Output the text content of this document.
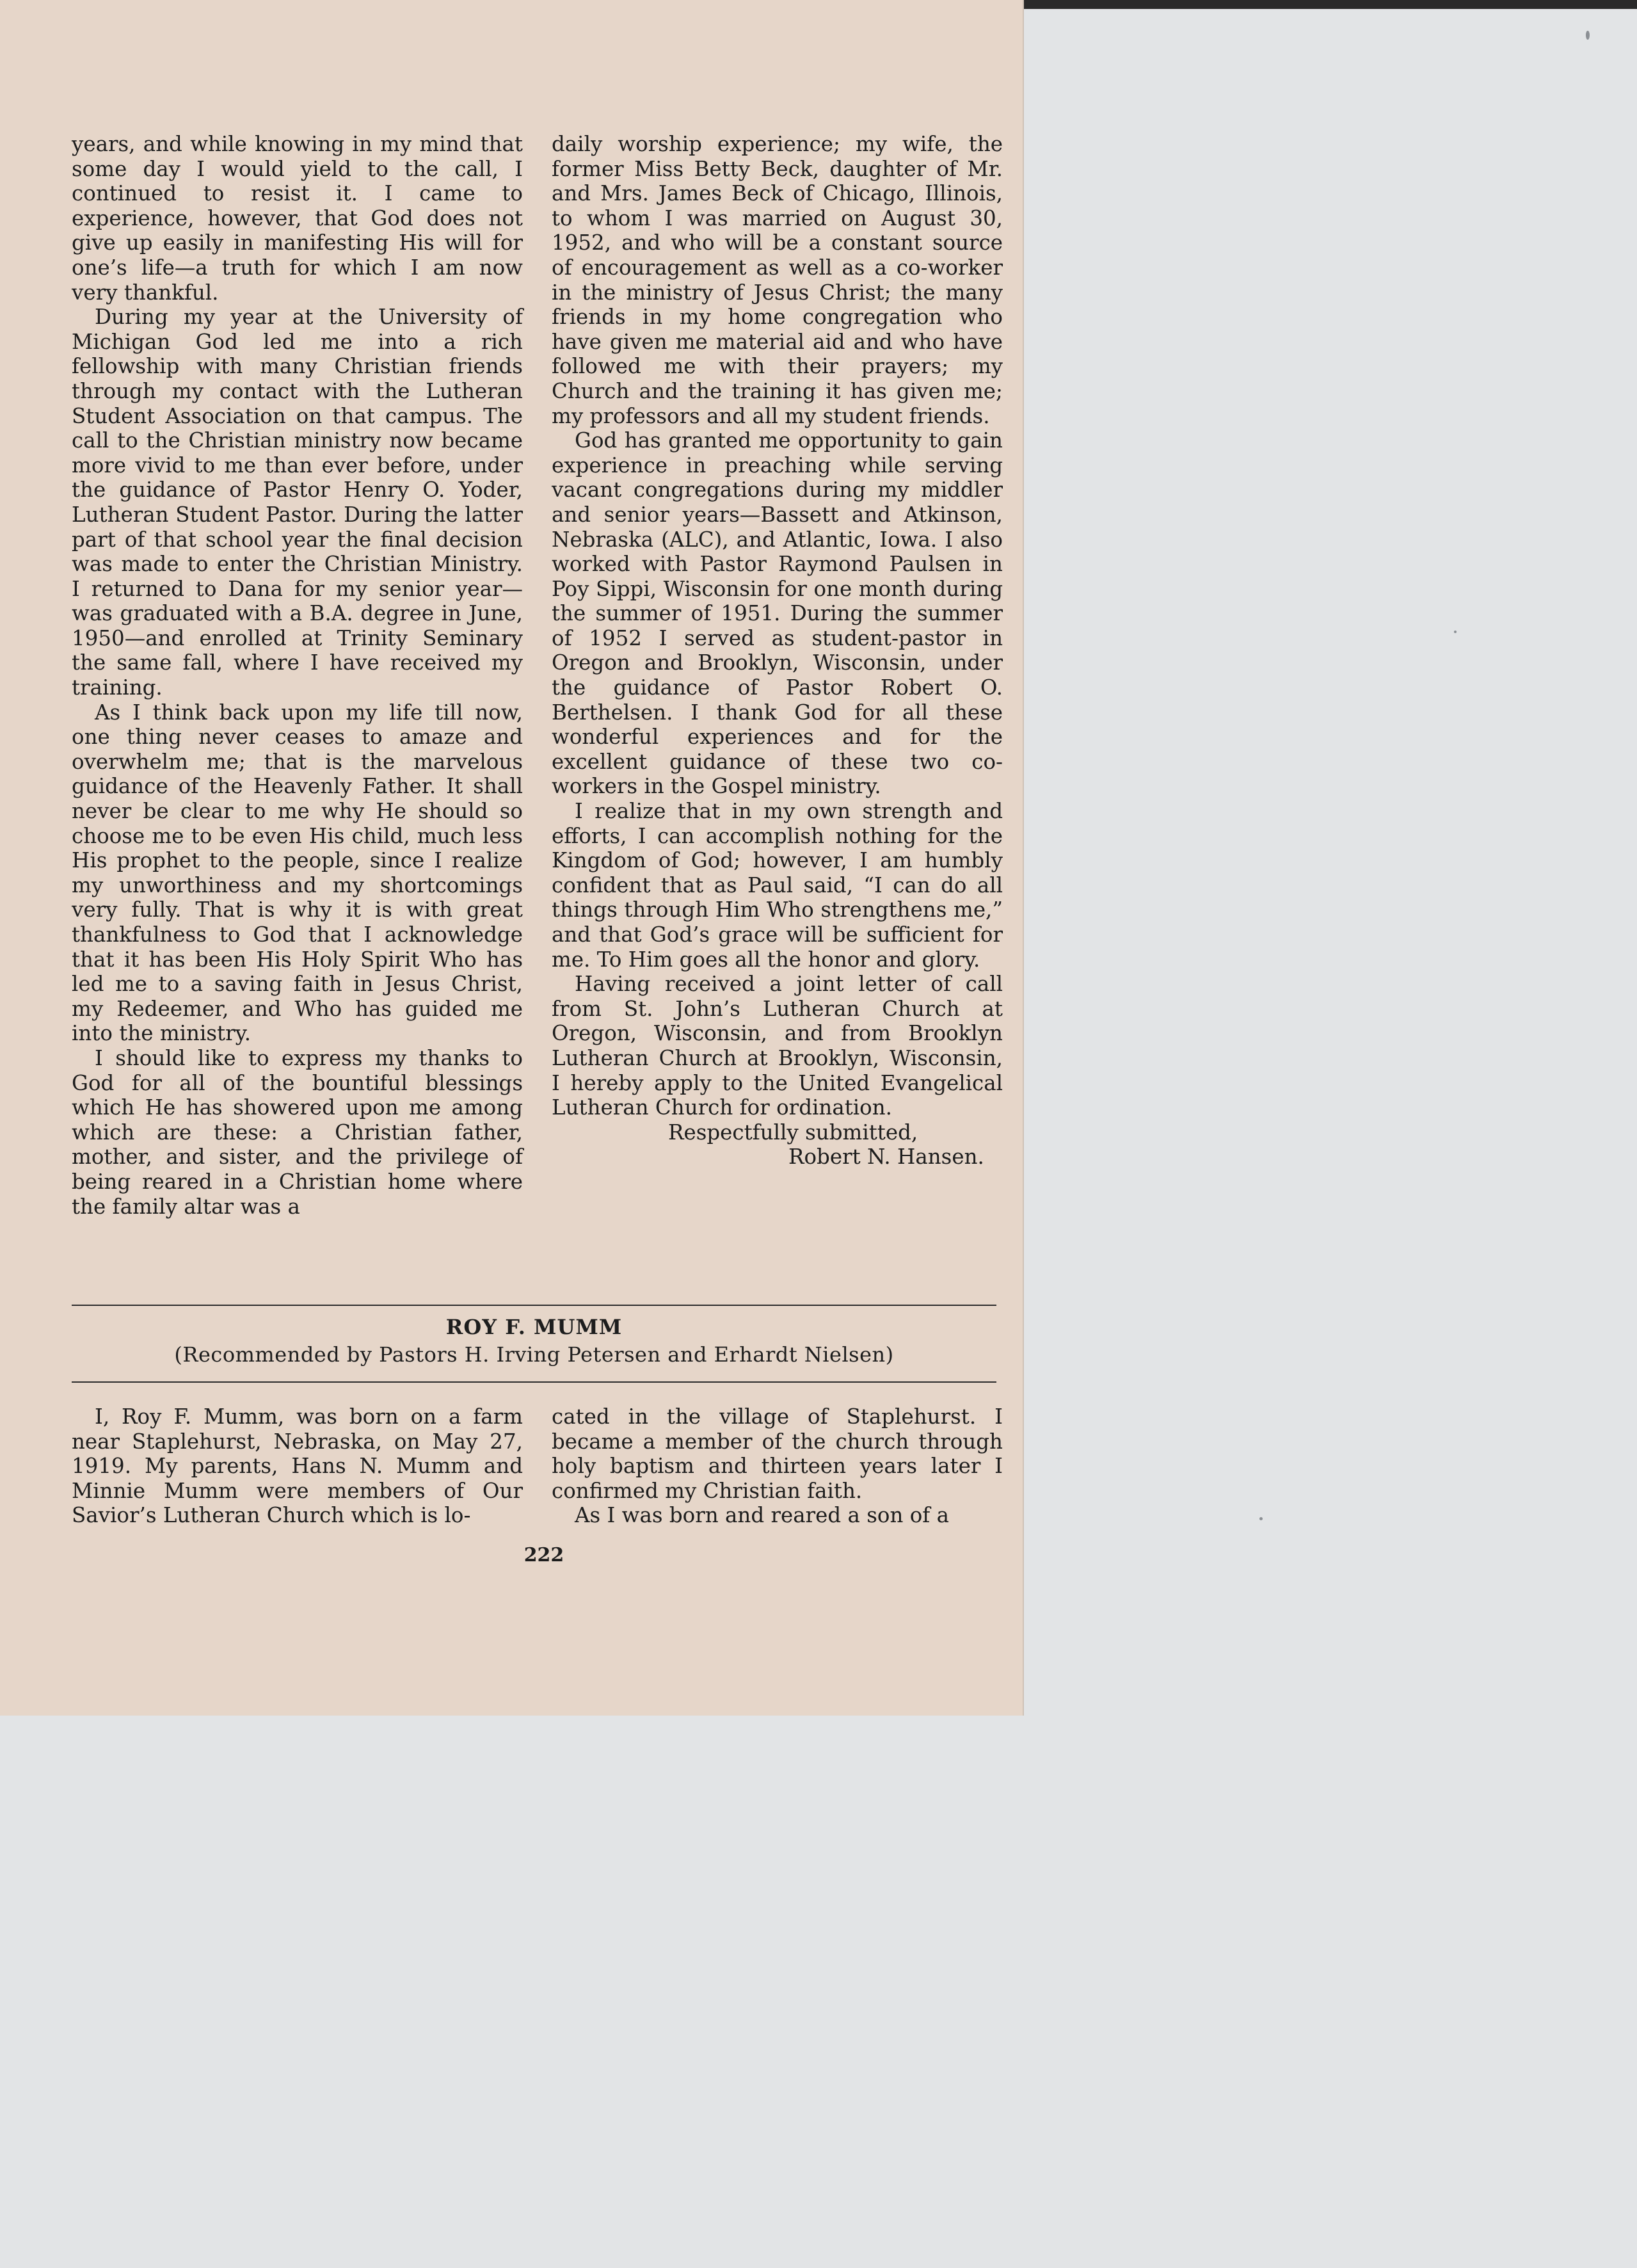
years, and while knowing in my mind that some day I would yield to the call, I continued to resist it. I came to experience, however, that God does not give up easily in manifesting His will for one’s life—a truth for which I am now very thankful.

During my year at the University of Michigan God led me into a rich fellowship with many Christian friends through my contact with the Lutheran Student Association on that campus. The call to the Christian ministry now became more vivid to me than ever before, under the guidance of Pastor Henry O. Yoder, Lutheran Student Pastor. During the latter part of that school year the final decision was made to enter the Christian Ministry. I returned to Dana for my senior year—was graduated with a B.A. degree in June, 1950—and enrolled at Trinity Seminary the same fall, where I have received my training.

As I think back upon my life till now, one thing never ceases to amaze and overwhelm me; that is the marvelous guidance of the Heavenly Father. It shall never be clear to me why He should so choose me to be even His child, much less His prophet to the people, since I realize my unworthiness and my shortcomings very fully. That is why it is with great thankfulness to God that I acknowledge that it has been His Holy Spirit Who has led me to a saving faith in Jesus Christ, my Redeemer, and Who has guided me into the ministry.

I should like to express my thanks to God for all of the bountiful blessings which He has showered upon me among which are these: a Christian father, mother, and sister, and the privilege of being reared in a Christian home where the family altar was a

daily worship experience; my wife, the former Miss Betty Beck, daughter of Mr. and Mrs. James Beck of Chicago, Illinois, to whom I was married on August 30, 1952, and who will be a constant source of encouragement as well as a co-worker in the ministry of Jesus Christ; the many friends in my home congregation who have given me material aid and who have followed me with their prayers; my Church and the training it has given me; my professors and all my student friends.

God has granted me opportunity to gain experience in preaching while serving vacant congregations during my middler and senior years—Bassett and Atkinson, Nebraska (ALC), and Atlantic, Iowa. I also worked with Pastor Raymond Paulsen in Poy Sippi, Wisconsin for one month during the summer of 1951. During the summer of 1952 I served as student-pastor in Oregon and Brooklyn, Wisconsin, under the guidance of Pastor Robert O. Berthelsen. I thank God for all these wonderful experiences and for the excellent guidance of these two co-workers in the Gospel ministry.

I realize that in my own strength and efforts, I can accomplish nothing for the Kingdom of God; however, I am humbly confident that as Paul said, “I can do all things through Him Who strengthens me,” and that God’s grace will be sufficient for me. To Him goes all the honor and glory.

Having received a joint letter of call from St. John’s Lutheran Church at Oregon, Wisconsin, and from Brooklyn Lutheran Church at Brooklyn, Wisconsin, I hereby apply to the United Evangelical Lutheran Church for ordination.

Respectfully submitted,
Robert N. Hansen.

ROY F. MUMM
(Recommended by Pastors H. Irving Petersen and Erhardt Nielsen)

I, Roy F. Mumm, was born on a farm near Staplehurst, Nebraska, on May 27, 1919. My parents, Hans N. Mumm and Minnie Mumm were members of Our Savior’s Lutheran Church which is lo-

cated in the village of Staplehurst. I became a member of the church through holy baptism and thirteen years later I confirmed my Christian faith.

As I was born and reared a son of a

222
